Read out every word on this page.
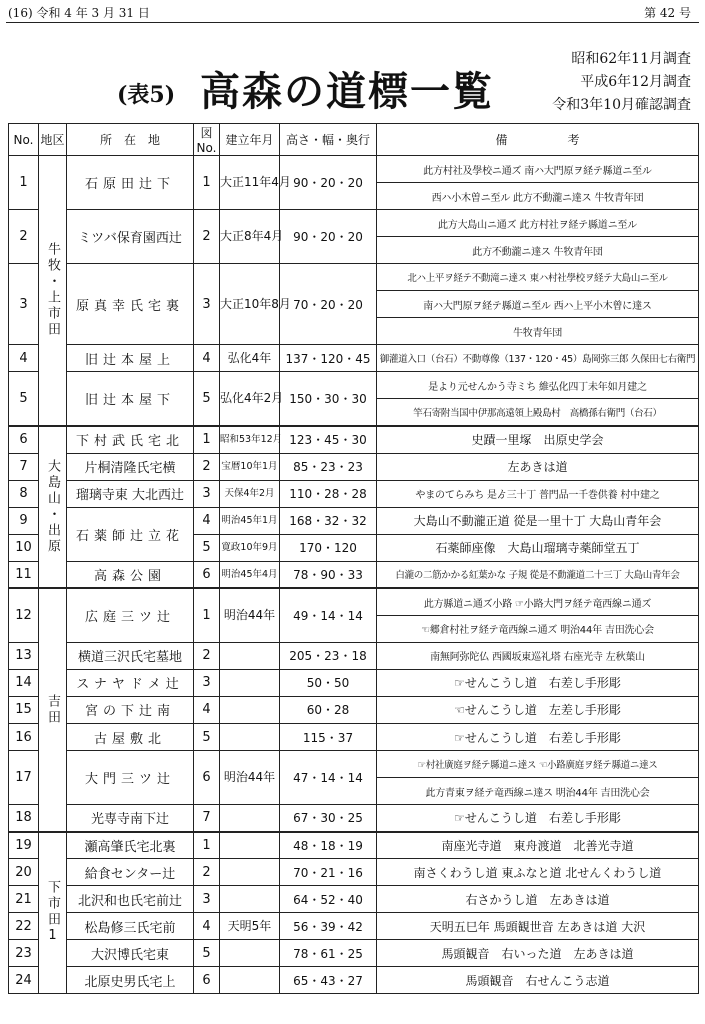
(16) 令和 4 年 3 月 31 日	第 42 号
(表5) 高森の道標一覧
昭和62年11月調査
平成6年12月調査
令和3年10月確認調査
No.	地区	所　在　地	図No.	建立年月	高さ・幅・奥行	備　　　　　考
1	牛牧・上市田	石原田辻下	1	大正11年4月	90・20・20	此方村社及學校ニ通ズ 南ハ大門原ヲ経テ縣道ニ至ル
						西ハ小木曽ニ至ル 此方不動瀧ニ達ス 牛牧青年団
2		ミツバ保育園西辻	2	大正8年4月	90・20・20	此方大島山ニ通ズ 此方村社ヲ経テ縣道ニ至ル
						此方不動瀧ニ達ス 牛牧青年団
3		原真幸氏宅裏	3	大正10年8月	70・20・20	北ハ上平ヲ経テ不動滝ニ達ス 東ハ村社學校ヲ経テ大島山ニ至ル
						南ハ大門原ヲ経テ縣道ニ至ル 西ハ上平小木曾に達ス
						牛牧青年団
4		旧辻本屋上	4	弘化4年	137・120・45	御灌道入口（台石）不動尊像（137・120・45）島岡弥三郎 久保田七右衛門
5		旧辻本屋下	5	弘化4年2月	150・30・30	是より元せんかう寺ミち 維弘化四丁未年如月建之
						竿石寄附当国中伊那高遠領上殿島村　高橋孫右衛門（台石）
6	大島山・出原	下村武氏宅北	1	昭和53年12月	123・45・30	史蹟一里塚　出原史学会
7		片桐清隆氏宅横	2	宝暦10年1月	85・23・23	左あきは道
8		瑠璃寺東 大北西辻	3	天保4年2月	110・28・28	やまのてらみち 是ゟ三十丁 普門品一千巻供養 村中建之
9		石薬師辻立花	4	明治45年1月	168・32・32	大島山不動瀧正道 從是一里十丁 大島山青年会
10			5	寛政10年9月	170・120	石薬師座像　大島山瑠璃寺薬師堂五丁
11		高森公園	6	明治45年4月	78・90・33	白瀧の二筋かかる紅葉かな 子規 從是不動瀧道二十三丁 大島山青年会
12	吉田	広庭三ツ辻	1	明治44年	49・14・14	此方縣道ニ通ズ小路 ☞小路大門ヲ経テ竜西線ニ通ズ
						☜郷倉村社ヲ経テ竜西線ニ通ズ 明治44年 吉田洗心会
13		横道三沢氏宅墓地	2		205・23・18	南無阿弥陀仏 西國坂東巡礼塔 右座光寺 左秋葉山
14		スナヤドメ辻	3		50・50	☞せんこうし道　右差し手形彫
15		宮の下辻南	4		60・28	☜せんこうし道　左差し手形彫
16		古屋敷北	5		115・37	☞せんこうし道　右差し手形彫
17		大門三ツ辻	6	明治44年	47・14・14	☞村社廣庭ヲ経テ縣道ニ達ス ☜小路廣庭ヲ経テ縣道ニ達ス
						此方青東ヲ経テ竜西線ニ達ス 明治44年 吉田洗心会
18		光専寺南下辻	7		67・30・25	☞せんこうし道　右差し手形彫
19	下市田1	瀬高肇氏宅北裏	1		48・18・19	南座光寺道　東舟渡道　北善光寺道
20		給食センター辻	2		70・21・16	南さくわうし道 東ふなと道 北せんくわうし道
21		北沢和也氏宅前辻	3		64・52・40	右さかうし道　左あきは道
22		松島修三氏宅前	4	天明5年	56・39・42	天明五巳年 馬頭観世音 左あきは道 大沢
23		大沢博氏宅東	5		78・61・25	馬頭観音　右いった道　左あきは道
24		北原史男氏宅上	6		65・43・27	馬頭観音　右せんこう志道
